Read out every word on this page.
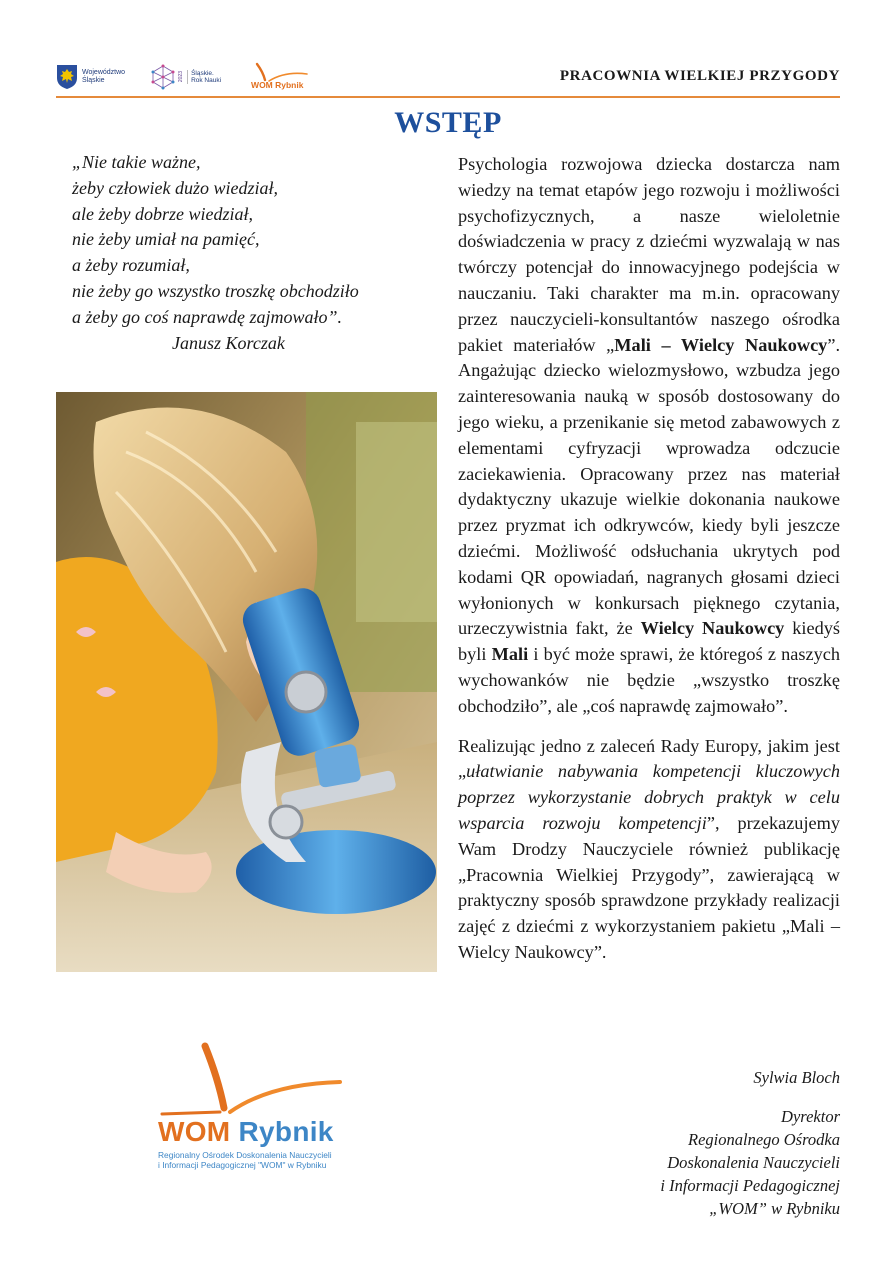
Województwo
Śląskie	2023 Śląskie.
Rok Nauki	WOM Rybnik
PRACOWNIA WIELKIEJ PRZYGODY
WSTĘP
„Nie takie ważne,
żeby człowiek dużo wiedział,
ale żeby dobrze wiedział,
nie żeby umiał na pamięć,
a żeby rozumiał,
nie żeby go wszystko troszkę obchodziło
a żeby go coś naprawdę zajmowało”.
Janusz Korczak
WOM Rybnik
Regionalny Ośrodek Doskonalenia Nauczycieli
i Informacji Pedagogicznej "WOM" w Rybniku

Psychologia rozwojowa dziecka dostarcza nam wiedzy na temat etapów jego rozwoju i możliwości psychofizycznych, a nasze wieloletnie doświadczenia w pracy z dziećmi wyzwalają w nas twórczy potencjał do innowacyjnego podejścia w nauczaniu. Taki charakter ma m.in. opracowany przez nauczycieli-konsultantów naszego ośrodka pakiet materiałów „Mali – Wielcy Naukowcy”. Angażując dziecko wielozmysłowo, wzbudza jego zainteresowania nauką w sposób dostosowany do jego wieku, a przenikanie się metod zabawowych z elementami cyfryzacji wprowadza odczucie zaciekawienia. Opracowany przez nas materiał dydaktyczny ukazuje wielkie dokonania naukowe przez pryzmat ich odkrywców, kiedy byli jeszcze dziećmi. Możliwość odsłuchania ukrytych pod kodami QR opowiadań, nagranych głosami dzieci wyłonionych w konkursach pięknego czytania, urzeczywistnia fakt, że Wielcy Naukowcy kiedyś byli Mali i być może sprawi, że któregoś z naszych wychowanków nie będzie „wszystko troszkę obchodziło”, ale „coś naprawdę zajmowało”.

Realizując jedno z zaleceń Rady Europy, jakim jest „ułatwianie nabywania kompetencji kluczowych poprzez wykorzystanie dobrych praktyk w celu wsparcia rozwoju kompetencji”, przekazujemy Wam Drodzy Nauczyciele również publikację „Pracownia Wielkiej Przygody”, zawierającą w praktyczny sposób sprawdzone przykłady realizacji zajęć z dziećmi z wykorzystaniem pakietu „Mali – Wielcy Naukowcy”.

Sylwia Bloch
Dyrektor
Regionalnego Ośrodka
Doskonalenia Nauczycieli
i Informacji Pedagogicznej
„WOM” w Rybniku
